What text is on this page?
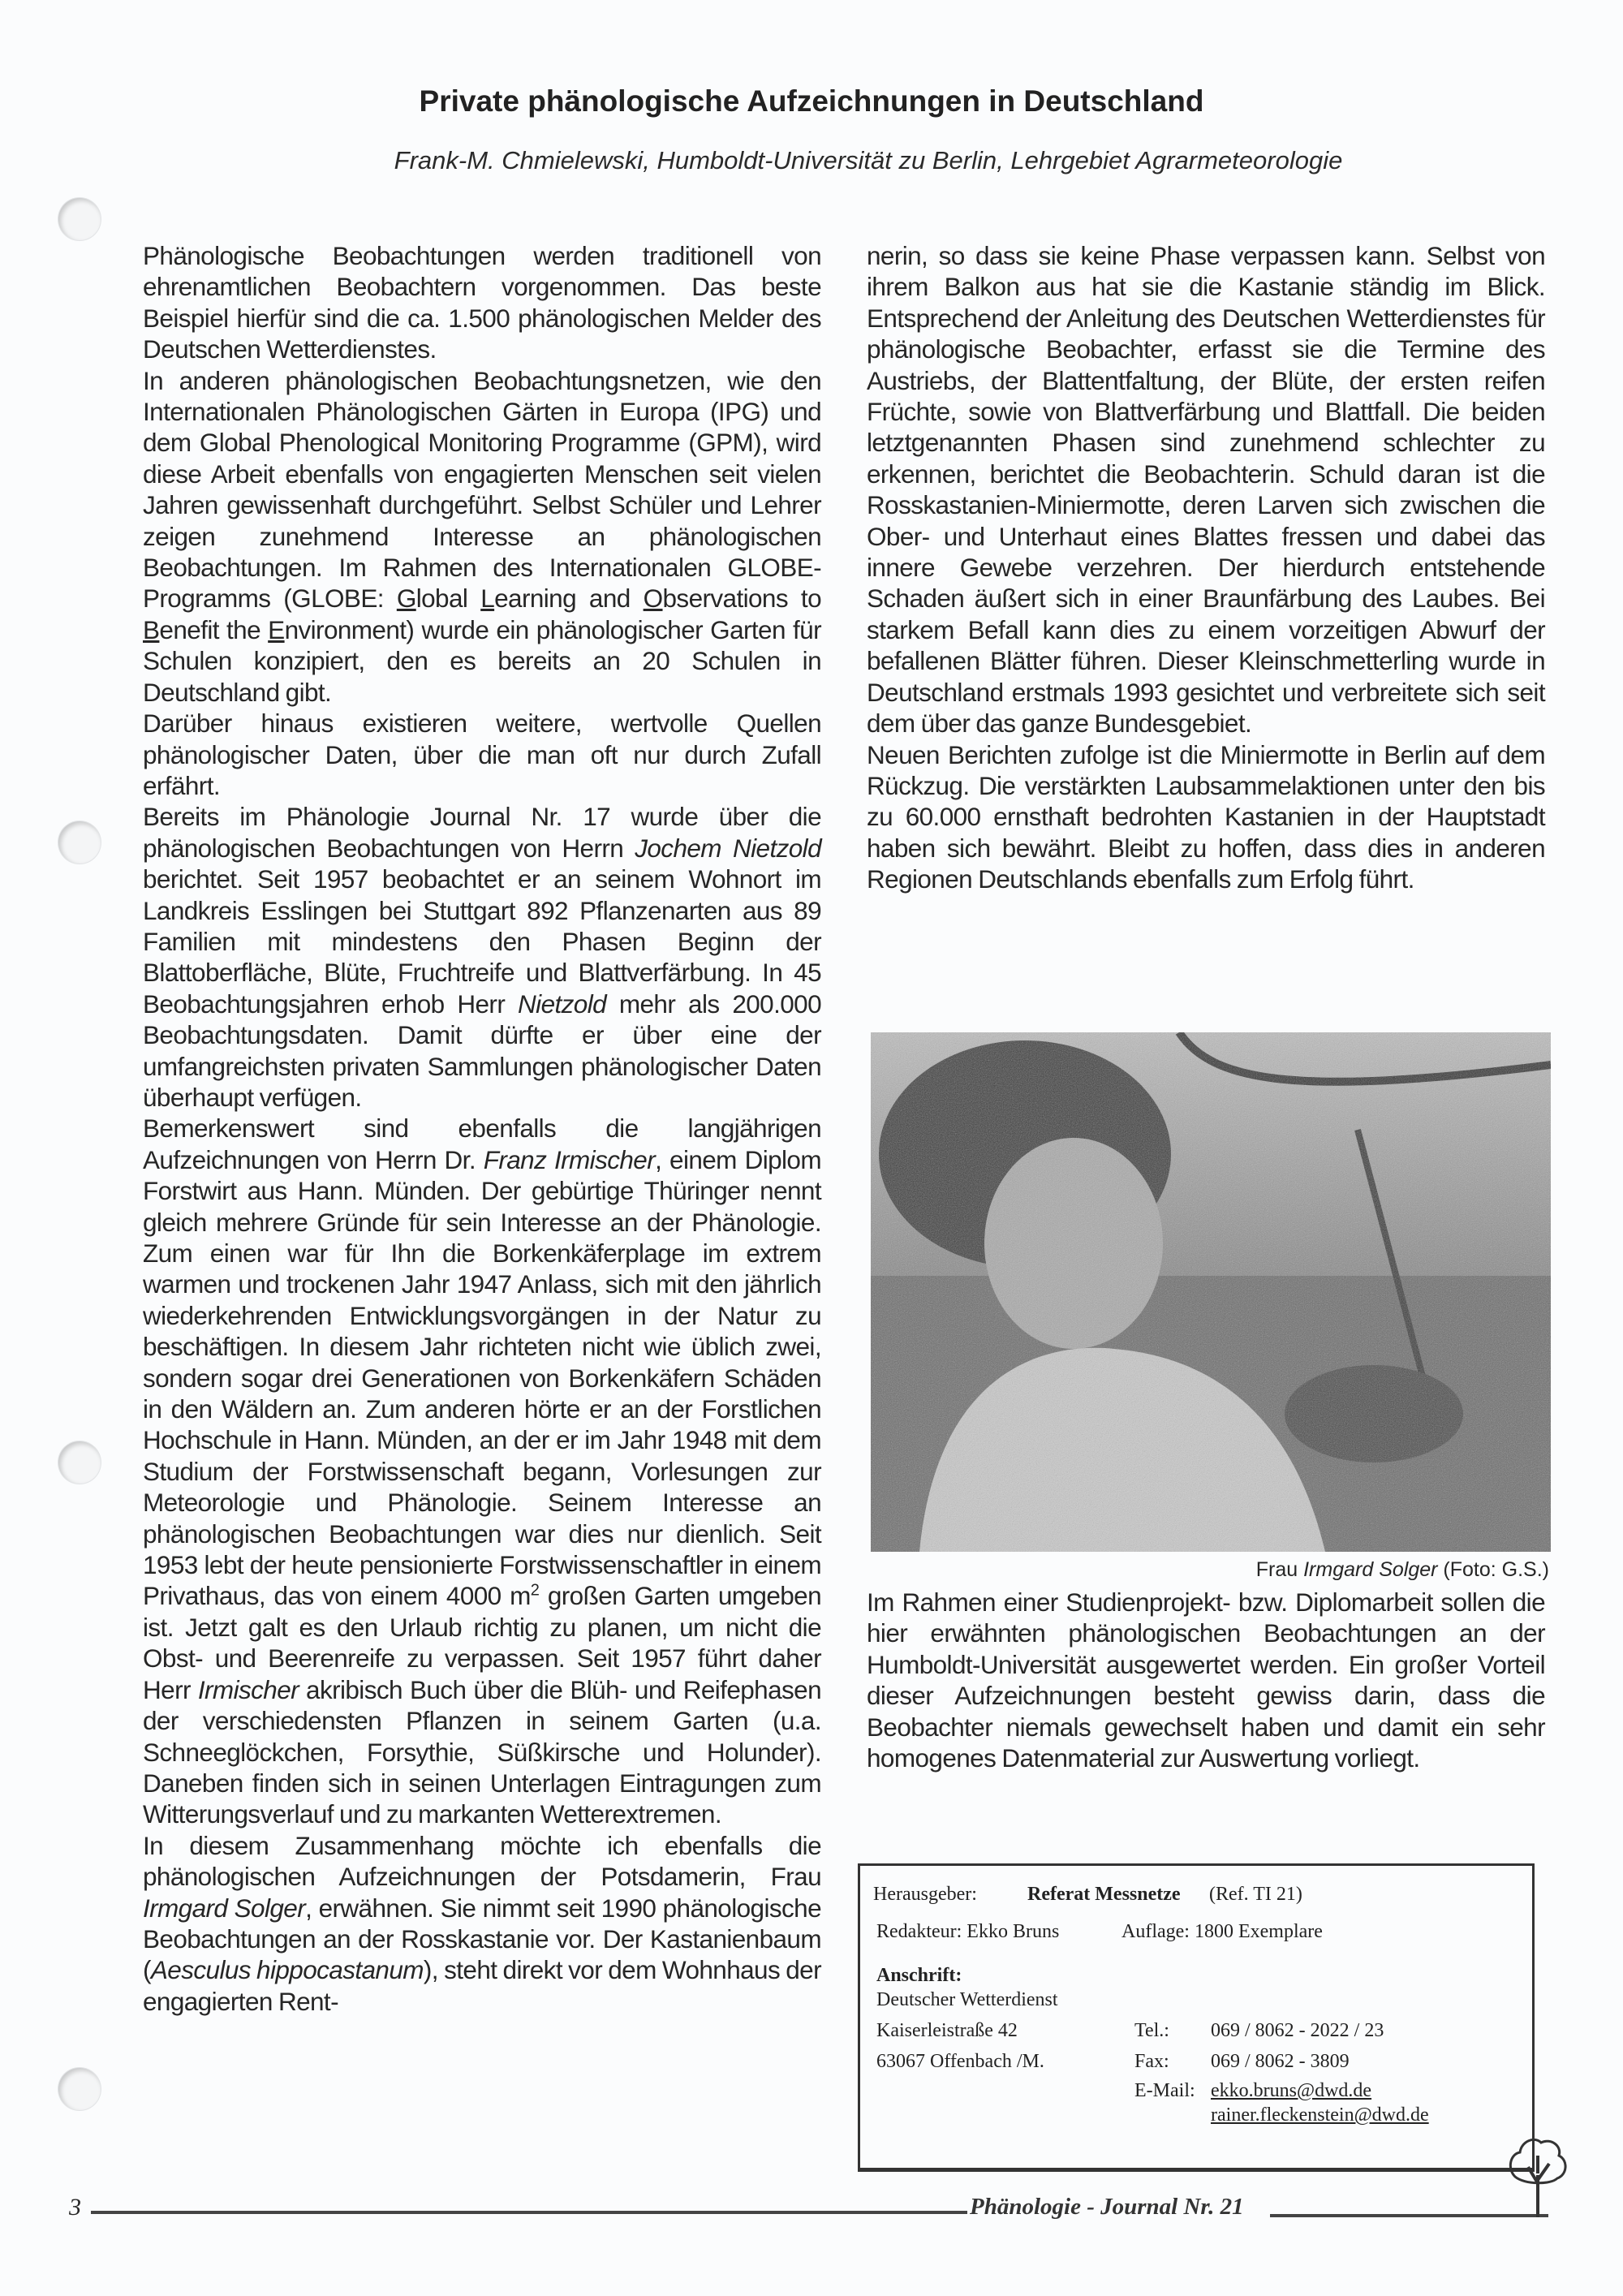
Private phänologische Aufzeichnungen in Deutschland
Frank-M. Chmielewski, Humboldt-Universität zu Berlin, Lehrgebiet Agrarmeteorologie

Phänologische Beobachtungen werden traditionell von ehrenamtlichen Beobachtern vorgenommen. Das beste Beispiel hierfür sind die ca. 1.500 phänologischen Melder des Deutschen Wetterdienstes.

In anderen phänologischen Beobachtungsnetzen, wie den Internationalen Phänologischen Gärten in Europa (IPG) und dem Global Phenological Monitoring Programme (GPM), wird diese Arbeit ebenfalls von engagierten Menschen seit vielen Jahren gewissenhaft durchgeführt. Selbst Schüler und Lehrer zeigen zunehmend Interesse an phänologischen Beobachtungen. Im Rahmen des Internationalen GLOBE-Programms (GLOBE: Global Learning and Observations to Benefit the Environment) wurde ein phänologischer Garten für Schulen konzipiert, den es bereits an 20 Schulen in Deutschland gibt.

Darüber hinaus existieren weitere, wertvolle Quellen phänologischer Daten, über die man oft nur durch Zufall erfährt.

Bereits im Phänologie Journal Nr. 17 wurde über die phänologischen Beobachtungen von Herrn Jochem Nietzold berichtet. Seit 1957 beobachtet er an seinem Wohnort im Landkreis Esslingen bei Stuttgart 892 Pflanzenarten aus 89 Familien mit mindestens den Phasen Beginn der Blattoberfläche, Blüte, Fruchtreife und Blattverfärbung. In 45 Beobachtungsjahren erhob Herr Nietzold mehr als 200.000 Beobachtungsdaten. Damit dürfte er über eine der umfangreichsten privaten Sammlungen phänologischer Daten überhaupt verfügen.

Bemerkenswert sind ebenfalls die langjährigen Aufzeichnungen von Herrn Dr. Franz Irmischer, einem Diplom Forstwirt aus Hann. Münden. Der gebürtige Thüringer nennt gleich mehrere Gründe für sein Interesse an der Phänologie. Zum einen war für Ihn die Borkenkäferplage im extrem warmen und trockenen Jahr 1947 Anlass, sich mit den jährlich wiederkehrenden Entwicklungsvorgängen in der Natur zu beschäftigen. In diesem Jahr richteten nicht wie üblich zwei, sondern sogar drei Generationen von Borkenkäfern Schäden in den Wäldern an. Zum anderen hörte er an der Forstlichen Hochschule in Hann. Münden, an der er im Jahr 1948 mit dem Studium der Forstwissenschaft begann, Vorlesungen zur Meteorologie und Phänologie. Seinem Interesse an phänologischen Beobachtungen war dies nur dienlich. Seit 1953 lebt der heute pensionierte Forstwissenschaftler in einem Privathaus, das von einem 4000 $m^2$ großen Garten umgeben ist. Jetzt galt es den Urlaub richtig zu planen, um nicht die Obst- und Beerenreife zu verpassen. Seit 1957 führt daher Herr Irmischer akribisch Buch über die Blüh- und Reifephasen der verschiedensten Pflanzen in seinem Garten (u.a. Schneeglöckchen, Forsythie, Süßkirsche und Holunder). Daneben finden sich in seinen Unterlagen Eintragungen zum Witterungsverlauf und zu markanten Wetterextremen.

In diesem Zusammenhang möchte ich ebenfalls die phänologischen Aufzeichnungen der Potsdamerin, Frau Irmgard Solger, erwähnen. Sie nimmt seit 1990 phänologische Beobachtungen an der Rosskastanie vor. Der Kastanienbaum (Aesculus hippocastanum), steht direkt vor dem Wohnhaus der engagierten Rent-

nerin, so dass sie keine Phase verpassen kann. Selbst von ihrem Balkon aus hat sie die Kastanie ständig im Blick. Entsprechend der Anleitung des Deutschen Wetterdienstes für phänologische Beobachter, erfasst sie die Termine des Austriebs, der Blattentfaltung, der Blüte, der ersten reifen Früchte, sowie von Blattverfärbung und Blattfall. Die beiden letztgenannten Phasen sind zunehmend schlechter zu erkennen, berichtet die Beobachterin. Schuld daran ist die Rosskastanien-Miniermotte, deren Larven sich zwischen die Ober- und Unterhaut eines Blattes fressen und dabei das innere Gewebe verzehren. Der hierdurch entstehende Schaden äußert sich in einer Braunfärbung des Laubes. Bei starkem Befall kann dies zu einem vorzeitigen Abwurf der befallenen Blätter führen. Dieser Kleinschmetterling wurde in Deutschland erstmals 1993 gesichtet und verbreitete sich seit dem über das ganze Bundesgebiet.

Neuen Berichten zufolge ist die Miniermotte in Berlin auf dem Rückzug. Die verstärkten Laubsammelaktionen unter den bis zu 60.000 ernsthaft bedrohten Kastanien in der Hauptstadt haben sich bewährt. Bleibt zu hoffen, dass dies in anderen Regionen Deutschlands ebenfalls zum Erfolg führt.

Frau Irmgard Solger (Foto: G.S.)

Im Rahmen einer Studienprojekt- bzw. Diplomarbeit sollen die hier erwähnten phänologischen Beobachtungen an der Humboldt-Universität ausgewertet werden. Ein großer Vorteil dieser Aufzeichnungen besteht gewiss darin, dass die Beobachter niemals gewechselt haben und damit ein sehr homogenes Datenmaterial zur Auswertung vorliegt.

Herausgeber:	Referat Messnetze (Ref. TI 21)
Redakteur: Ekko Bruns	Auflage: 1800 Exemplare
Anschrift:
Deutscher Wetterdienst
Kaiserleistraße 42
63067 Offenbach /M.
Tel.: 069 / 8062 - 2022 / 23
Fax: 069 / 8062 - 3809
E-Mail: ekko.bruns@dwd.de
rainer.fleckenstein@dwd.de
3	Phänologie - Journal Nr. 21
